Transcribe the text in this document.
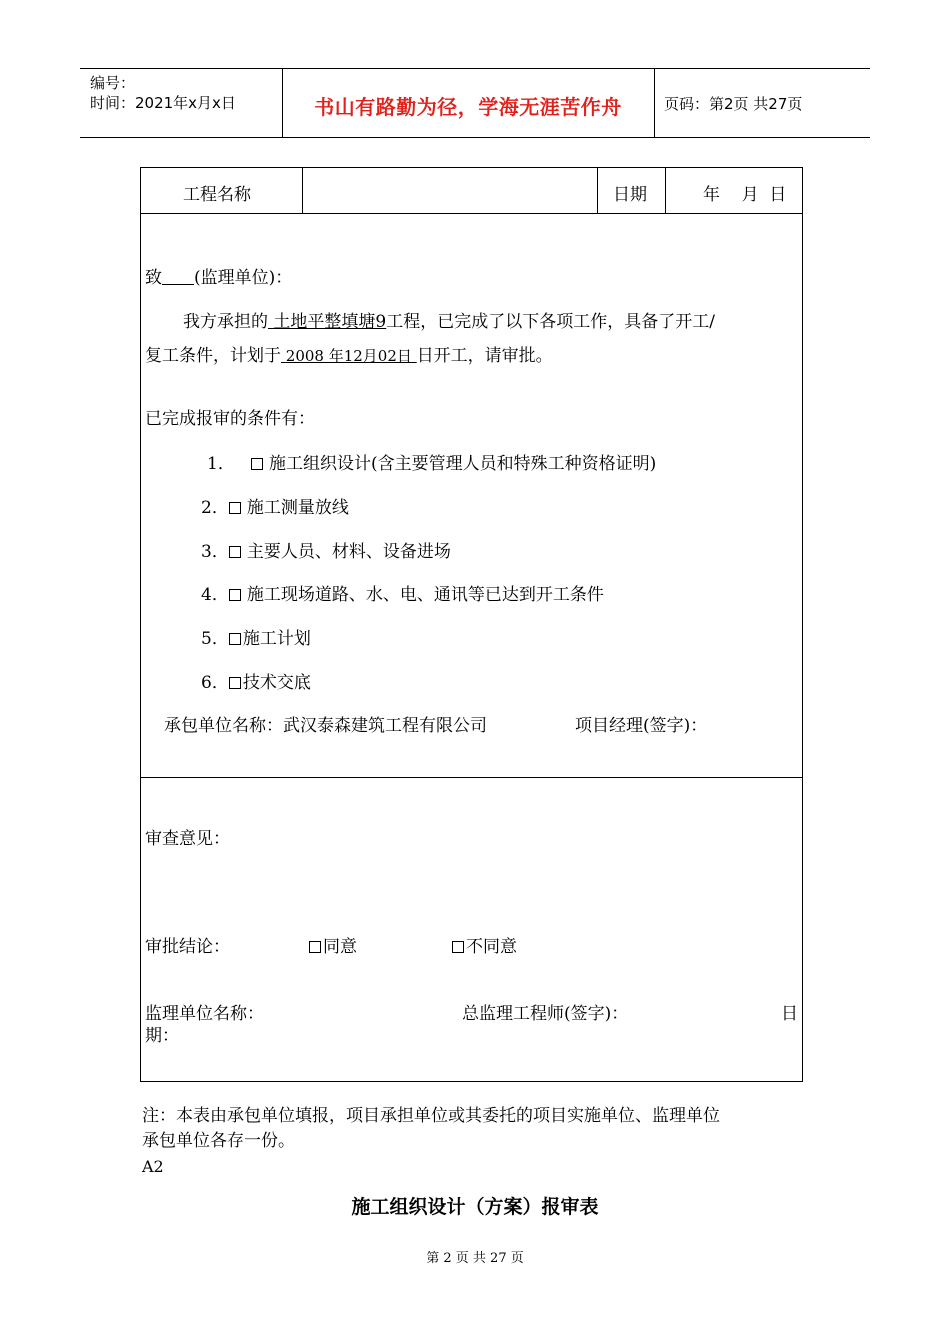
编号：
时间：2021年x月x日	书山有路勤为径，学海无涯苦作舟	页码：第2页 共27页
工程名称	日期	年    月  日
致 (监理单位)：
我方承担的 土地平整填塘9工程，已完成了以下各项工作，具备了开工/
复工条件，计划于 2008 年12月02日 日开工，请审批。
已完成报审的条件有：
1． 施工组织设计(含主要管理人员和特殊工种资格证明)
2． 施工测量放线
3． 主要人员、材料、设备进场
4． 施工现场道路、水、电、通讯等已达到开工条件
5． 施工计划
6． 技术交底
承包单位名称：武汉泰森建筑工程有限公司	项目经理(签字)：
审查意见：
审批结论：	同意	不同意
监理单位名称：	总监理工程师(签字)：	日
期：
注：本表由承包单位填报，项目承担单位或其委托的项目实施单位、监理单位
承包单位各存一份。
A2
施工组织设计（方案）报审表
第 2 页 共 27 页
